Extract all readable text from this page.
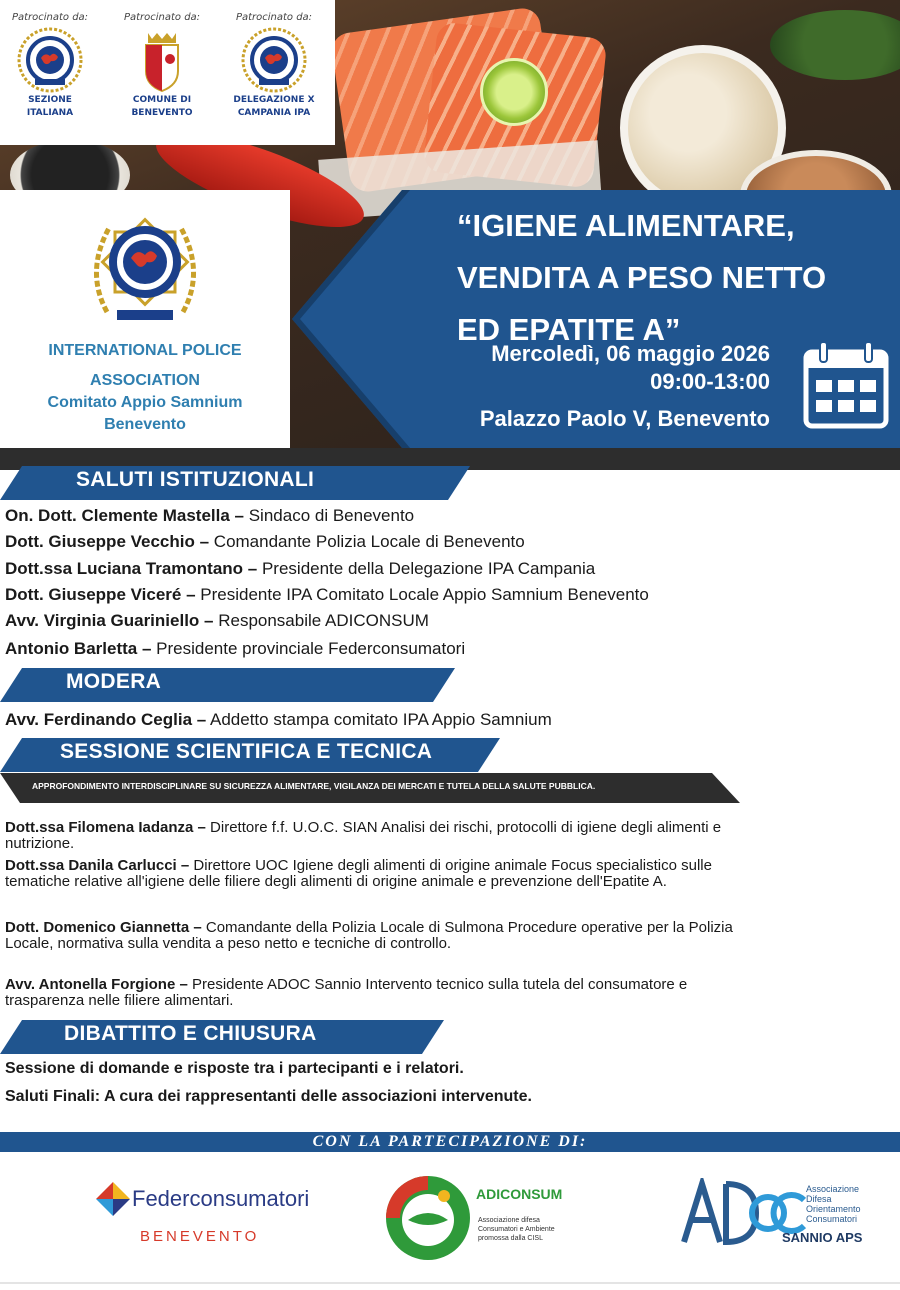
Patrocinato da:
SEZIONE
ITALIANA
Patrocinato da:
COMUNE DI
BENEVENTO
Patrocinato da:
DELEGAZIONE X
CAMPANIA IPA
INTERNATIONAL POLICE
ASSOCIATION
Comitato Appio Samnium
Benevento
“IGIENE ALIMENTARE,
VENDITA A PESO NETTO
ED EPATITE A”
Mercoledì, 06 maggio 2026
09:00-13:00
Palazzo Paolo V, Benevento
SALUTI ISTITUZIONALI
On. Dott. Clemente Mastella – Sindaco di Benevento
Dott. Giuseppe Vecchio – Comandante Polizia Locale di Benevento
Dott.ssa Luciana Tramontano – Presidente della Delegazione IPA Campania
Dott. Giuseppe Viceré – Presidente IPA Comitato Locale Appio Samnium Benevento
Avv. Virginia Guariniello – Responsabile ADICONSUM
Antonio Barletta – Presidente provinciale Federconsumatori
MODERA
Avv. Ferdinando Ceglia – Addetto stampa comitato IPA Appio Samnium
SESSIONE SCIENTIFICA E TECNICA
APPROFONDIMENTO INTERDISCIPLINARE SU SICUREZZA ALIMENTARE, VIGILANZA DEI MERCATI E TUTELA DELLA SALUTE PUBBLICA.
Dott.ssa Filomena Iadanza – Direttore f.f. U.O.C. SIAN Analisi dei rischi, protocolli di igiene degli alimenti e nutrizione.
Dott.ssa Danila Carlucci – Direttore UOC Igiene degli alimenti di origine animale Focus specialistico sulle tematiche relative all'igiene delle filiere degli alimenti di origine animale e prevenzione dell'Epatite A.
Dott. Domenico Giannetta – Comandante della Polizia Locale di Sulmona Procedure operative per la Polizia Locale, normativa sulla vendita a peso netto e tecniche di controllo.
Avv. Antonella Forgione – Presidente ADOC Sannio Intervento tecnico sulla tutela del consumatore e trasparenza nelle filiere alimentari.
DIBATTITO E CHIUSURA
Sessione di domande e risposte tra i partecipanti e i relatori.
Saluti Finali: A cura dei rappresentanti delle associazioni intervenute.
CON LA PARTECIPAZIONE DI:
Federconsumatori
BENEVENTO
ADICONSUM
Associazione difesa
Consumatori e Ambiente
promossa dalla CISL
Associazione
Difesa
Orientamento
Consumatori
SANNIO APS
